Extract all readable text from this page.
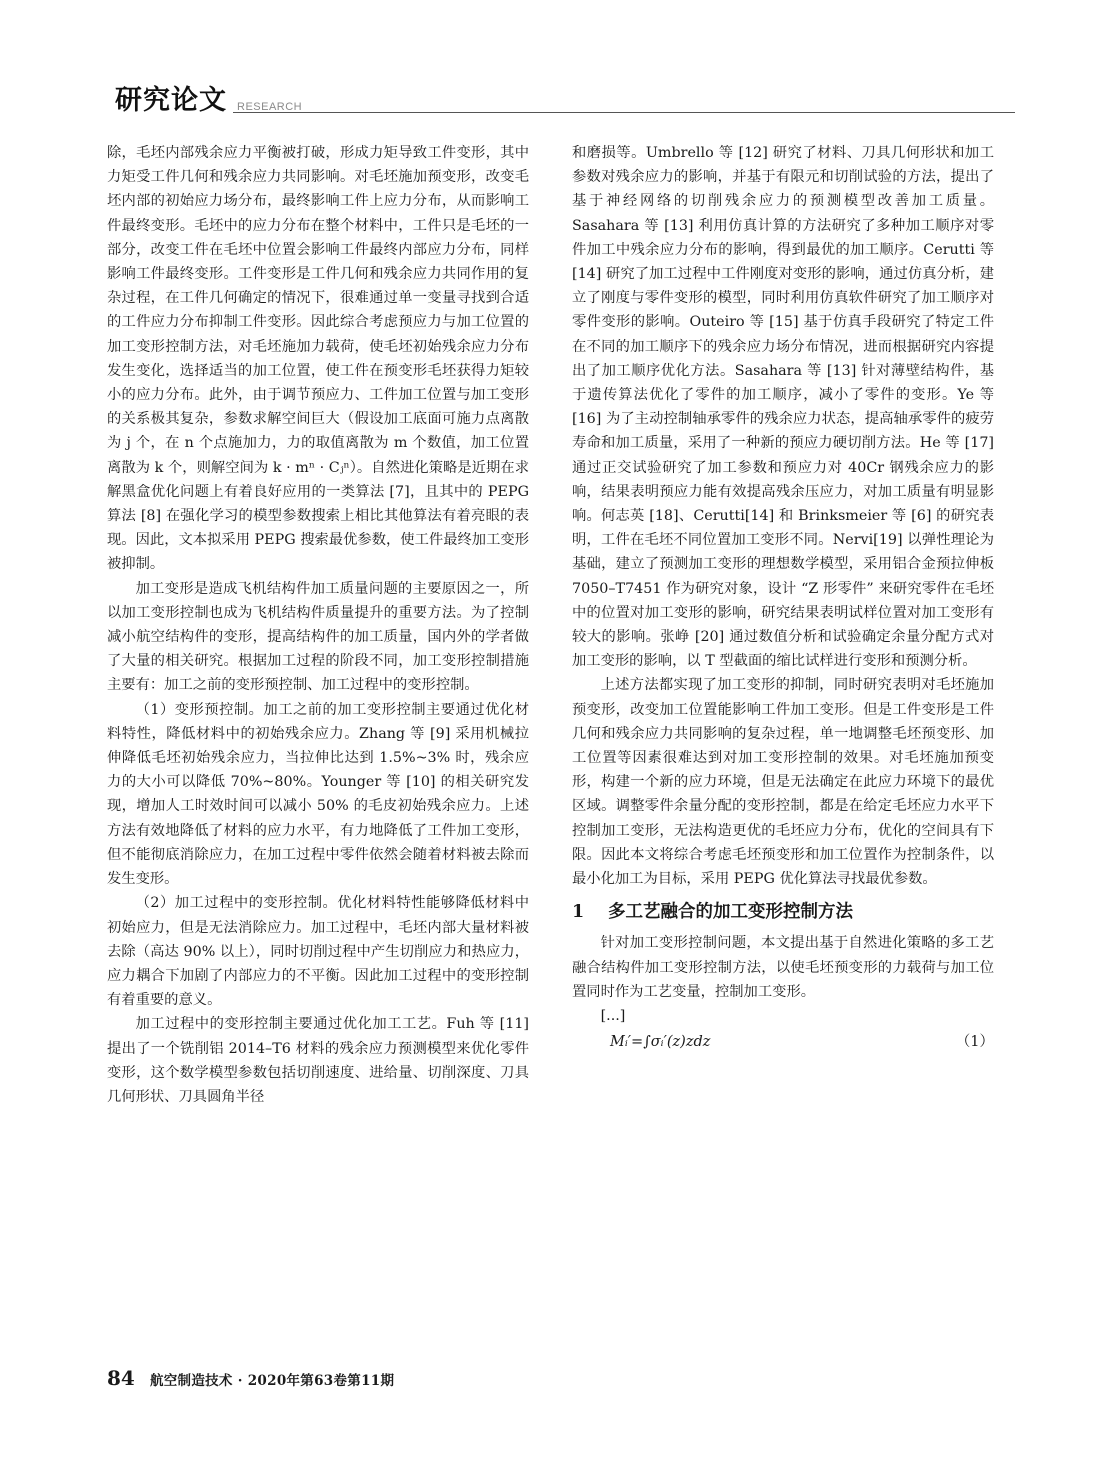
研究论文 RESEARCH

除，毛坯内部残余应力平衡被打破，形成力矩导致工件变形，其中力矩受工件几何和残余应力共同影响。对毛坯施加预变形，改变毛坯内部的初始应力场分布，最终影响工件上应力分布，从而影响工件最终变形。毛坯中的应力分布在整个材料中，工件只是毛坯的一部分，改变工件在毛坯中位置会影响工件最终内部应力分布，同样影响工件最终变形。工件变形是工件几何和残余应力共同作用的复杂过程，在工件几何确定的情况下，很难通过单一变量寻找到合适的工件应力分布抑制工件变形。因此综合考虑预应力与加工位置的加工变形控制方法，对毛坯施加力载荷，使毛坯初始残余应力分布发生变化，选择适当的加工位置，使工件在预变形毛坯获得力矩较小的应力分布。此外，由于调节预应力、工件加工位置与加工变形的关系极其复杂，参数求解空间巨大（假设加工底面可施力点离散为 j 个，在 n 个点施加力，力的取值离散为 m 个数值，加工位置离散为 k 个，则解空间为 k · mⁿ · Cⱼⁿ）。自然进化策略是近期在求解黑盒优化问题上有着良好应用的一类算法 [7]，且其中的 PEPG 算法 [8] 在强化学习的模型参数搜索上相比其他算法有着亮眼的表现。因此，文本拟采用 PEPG 搜索最优参数，使工件最终加工变形被抑制。

加工变形是造成飞机结构件加工质量问题的主要原因之一，所以加工变形控制也成为飞机结构件质量提升的重要方法。为了控制减小航空结构件的变形，提高结构件的加工质量，国内外的学者做了大量的相关研究。根据加工过程的阶段不同，加工变形控制措施主要有：加工之前的变形预控制、加工过程中的变形控制。

（1）变形预控制。加工之前的加工变形控制主要通过优化材料特性，降低材料中的初始残余应力。Zhang 等 [9] 采用机械拉伸降低毛坯初始残余应力，当拉伸比达到 1.5%~3% 时，残余应力的大小可以降低 70%~80%。Younger 等 [10] 的相关研究发现，增加人工时效时间可以减小 50% 的毛皮初始残余应力。上述方法有效地降低了材料的应力水平，有力地降低了工件加工变形，但不能彻底消除应力，在加工过程中零件依然会随着材料被去除而发生变形。

（2）加工过程中的变形控制。优化材料特性能够降低材料中初始应力，但是无法消除应力。加工过程中，毛坯内部大量材料被去除（高达 90% 以上），同时切削过程中产生切削应力和热应力，应力耦合下加剧了内部应力的不平衡。因此加工过程中的变形控制有着重要的意义。

加工过程中的变形控制主要通过优化加工工艺。Fuh 等 [11] 提出了一个铣削铝 2014–T6 材料的残余应力预测模型来优化零件变形，这个数学模型参数包括切削速度、进给量、切削深度、刀具几何形状、刀具圆角半径

和磨损等。Umbrello 等 [12] 研究了材料、刀具几何形状和加工参数对残余应力的影响，并基于有限元和切削试验的方法，提出了基于神经网络的切削残余应力的预测模型改善加工质量。Sasahara 等 [13] 利用仿真计算的方法研究了多种加工顺序对零件加工中残余应力分布的影响，得到最优的加工顺序。Cerutti 等 [14] 研究了加工过程中工件刚度对变形的影响，通过仿真分析，建立了刚度与零件变形的模型，同时利用仿真软件研究了加工顺序对零件变形的影响。Outeiro 等 [15] 基于仿真手段研究了特定工件在不同的加工顺序下的残余应力场分布情况，进而根据研究内容提出了加工顺序优化方法。Sasahara 等 [13] 针对薄壁结构件，基于遗传算法优化了零件的加工顺序，减小了零件的变形。Ye 等 [16] 为了主动控制轴承零件的残余应力状态，提高轴承零件的疲劳寿命和加工质量，采用了一种新的预应力硬切削方法。He 等 [17] 通过正交试验研究了加工参数和预应力对 40Cr 钢残余应力的影响，结果表明预应力能有效提高残余压应力，对加工质量有明显影响。何志英 [18]、Cerutti[14] 和 Brinksmeier 等 [6] 的研究表明，工件在毛坯不同位置加工变形不同。Nervi[19] 以弹性理论为基础，建立了预测加工变形的理想数学模型，采用铝合金预拉伸板 7050–T7451 作为研究对象，设计 “Z 形零件” 来研究零件在毛坯中的位置对加工变形的影响，研究结果表明试样位置对加工变形有较大的影响。张峥 [20] 通过数值分析和试验确定余量分配方式对加工变形的影响，以 T 型截面的缩比试样进行变形和预测分析。

上述方法都实现了加工变形的抑制，同时研究表明对毛坯施加预变形，改变加工位置能影响工件加工变形。但是工件变形是工件几何和残余应力共同影响的复杂过程，单一地调整毛坯预变形、加工位置等因素很难达到对加工变形控制的效果。对毛坯施加预变形，构建一个新的应力环境，但是无法确定在此应力环境下的最优区域。调整零件余量分配的变形控制，都是在给定毛坯应力水平下控制加工变形，无法构造更优的毛坯应力分布，优化的空间具有下限。因此本文将综合考虑毛坯预变形和加工位置作为控制条件，以最小化加工为目标，采用 PEPG 优化算法寻找最优参数。

1 多工艺融合的加工变形控制方法

针对加工变形控制问题，本文提出基于自然进化策略的多工艺融合结构件加工变形控制方法，以使毛坯预变形的力载荷与加工位置同时作为工艺变量，控制加工变形。

[...]

Mᵢ′=∫σᵢ′(z)zdz	（1）
84 航空制造技术 · 2020年第63卷第11期
